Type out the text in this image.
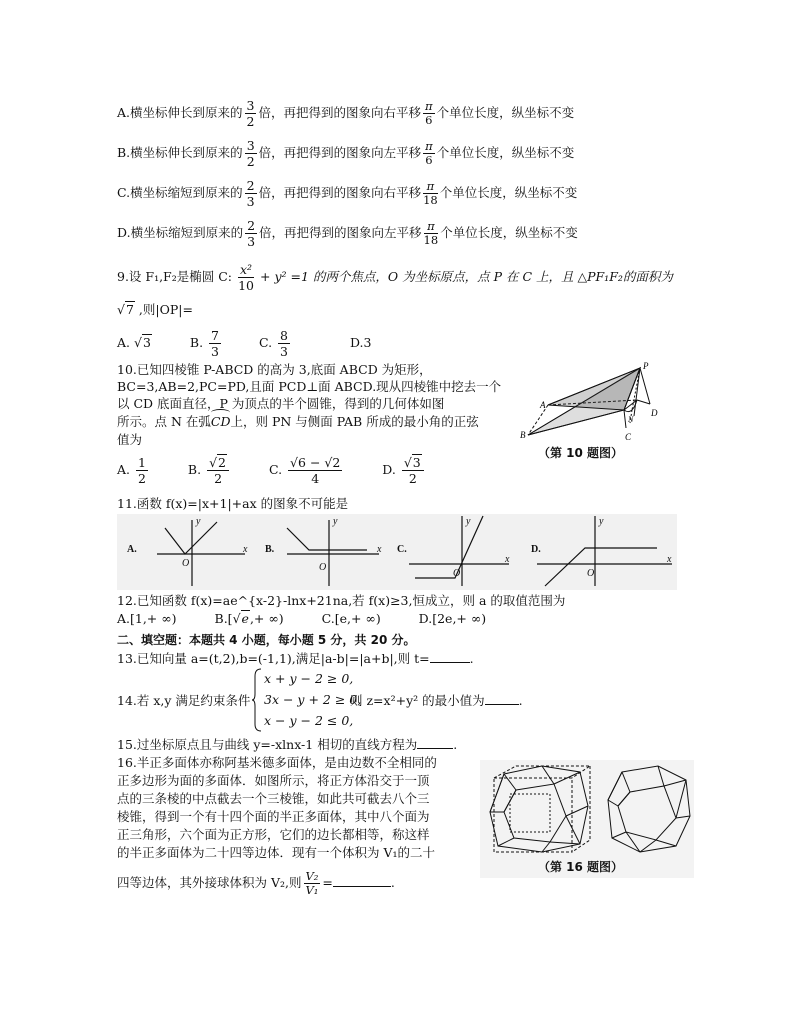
A.横坐标伸长到原来的 $\frac{3}{2}$ 倍，再把得到的图象向右平移 $\frac{\pi}{6}$ 个单位长度，纵坐标不变
B.横坐标伸长到原来的 $\frac{3}{2}$ 倍，再把得到的图象向左平移 $\frac{\pi}{6}$ 个单位长度，纵坐标不变
C.横坐标缩短到原来的 $\frac{2}{3}$ 倍，再把得到的图象向右平移 $\frac{\pi}{18}$ 个单位长度，纵坐标不变
D.横坐标缩短到原来的 $\frac{2}{3}$ 倍，再把得到的图象向左平移 $\frac{\pi}{18}$ 个单位长度，纵坐标不变
9.设 F₁,F₂是椭圆 C: $\frac{\text{x²}}{10} + y^2 =1$ 的两个焦点，O 为坐标原点，点 P 在 C 上，且 △PF₁F₂的面积为
√7 ,则|OP|=
A. √3	B. $\frac{7}{3}$	C. $\frac{8}{3}$	D.3
10.已知四棱锥 P-ABCD 的高为 3,底面 ABCD 为矩形，
BC=3,AB=2,PC=PD,且面 PCD⊥面 ABCD.现从四棱锥中挖去一个
以 CD 底面直径，P 为顶点的半个圆锥，得到的几何体如图
所示。点 N 在弧
CD上，则 PN 与侧面 PAB 所成的最小角的正弦
值为
A. $\frac{1}{2}$	B. $\frac{√2}{2}$	C. $\frac{√6 - √2}{4}$	D. $\frac{√3}{2}$
P
A
B	C
D
N
（第 10 题图）
11.函数 f(x)=|x+1|+ax 的图象不可能是
A.
y
x
O
B.
y
x
O
C.
y
x
O
D.
y
x
O
12.已知函数 f(x)=ae^{x-2}-lnx+21na,若 f(x)≥3,恒成立，则 a 的取值范围为
A.[1,+ ∞)	B.[√e,+ ∞)	C.[e,+ ∞)	D.[2e,+ ∞)
二、填空题：本题共 4 小题，每小题 5 分，共 20 分。
13.已知向量 a=(t,2),b=(-1,1),满足|a-b|=|a+b|,则 t=	.
14.若 x,y 满足约束条件
x + y − 2 ≥ 0,
3x − y + 2 ≥ 0,
x − y − 2 ≤ 0,
则 z=x²+y² 的最小值为	.
15.过坐标原点且与曲线 y=-xlnx-1 相切的直线方程为	.
16.半正多面体亦称阿基米德多面体，是由边数不全相同的
正多边形为面的多面体．如图所示，将正方体沿交于一顶
点的三条棱的中点截去一个三棱锥，如此共可截去八个三
棱锥，得到一个有十四个面的半正多面体，其中八个面为
正三角形，六个面为正方形，它们的边长都相等，称这样
的半正多面体为二十四等边体．现有一个体积为 V₁的二十
四等边体，其外接球体积为 V₂,则 $\frac{\text{V₂}}{\text{V₁}}$ =	.
（第 16 题图）
